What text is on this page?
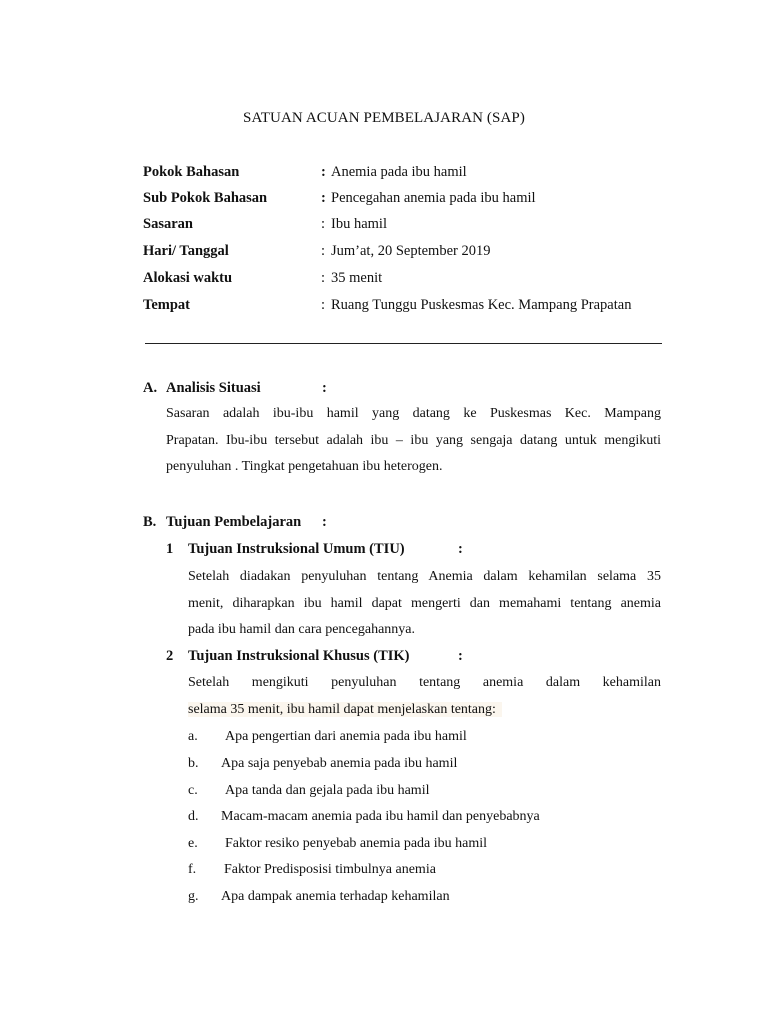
SATUAN ACUAN PEMBELAJARAN (SAP)
Pokok Bahasan	: Anemia pada ibu hamil
Sub Pokok Bahasan	: Pencegahan anemia pada ibu hamil
Sasaran	: Ibu hamil
Hari/ Tanggal	: Jum’at, 20 September 2019
Alokasi waktu	: 35 menit
Tempat	: Ruang Tunggu Puskesmas Kec. Mampang Prapatan
A. Analisis Situasi	:
Sasaran adalah ibu-ibu hamil yang datang ke Puskesmas Kec. Mampang
Prapatan. Ibu-ibu tersebut adalah ibu – ibu yang sengaja datang untuk mengikuti
penyuluhan . Tingkat pengetahuan ibu heterogen.
B. Tujuan Pembelajaran :
1 Tujuan Instruksional Umum (TIU)	:
Setelah diadakan penyuluhan tentang Anemia dalam kehamilan selama 35
menit, diharapkan ibu hamil dapat mengerti dan memahami tentang anemia
pada ibu hamil dan cara pencegahannya.
2 Tujuan Instruksional Khusus (TIK)	:
Setelah mengikuti penyuluhan tentang anemia dalam kehamilan
selama 35 menit, ibu hamil dapat menjelaskan tentang:
a. Apa pengertian dari anemia pada ibu hamil
b. Apa saja penyebab anemia pada ibu hamil
c. Apa tanda dan gejala pada ibu hamil
d. Macam-macam anemia pada ibu hamil dan penyebabnya
e. Faktor resiko penyebab anemia pada ibu hamil
f. Faktor Predisposisi timbulnya anemia
g. Apa dampak anemia terhadap kehamilan
